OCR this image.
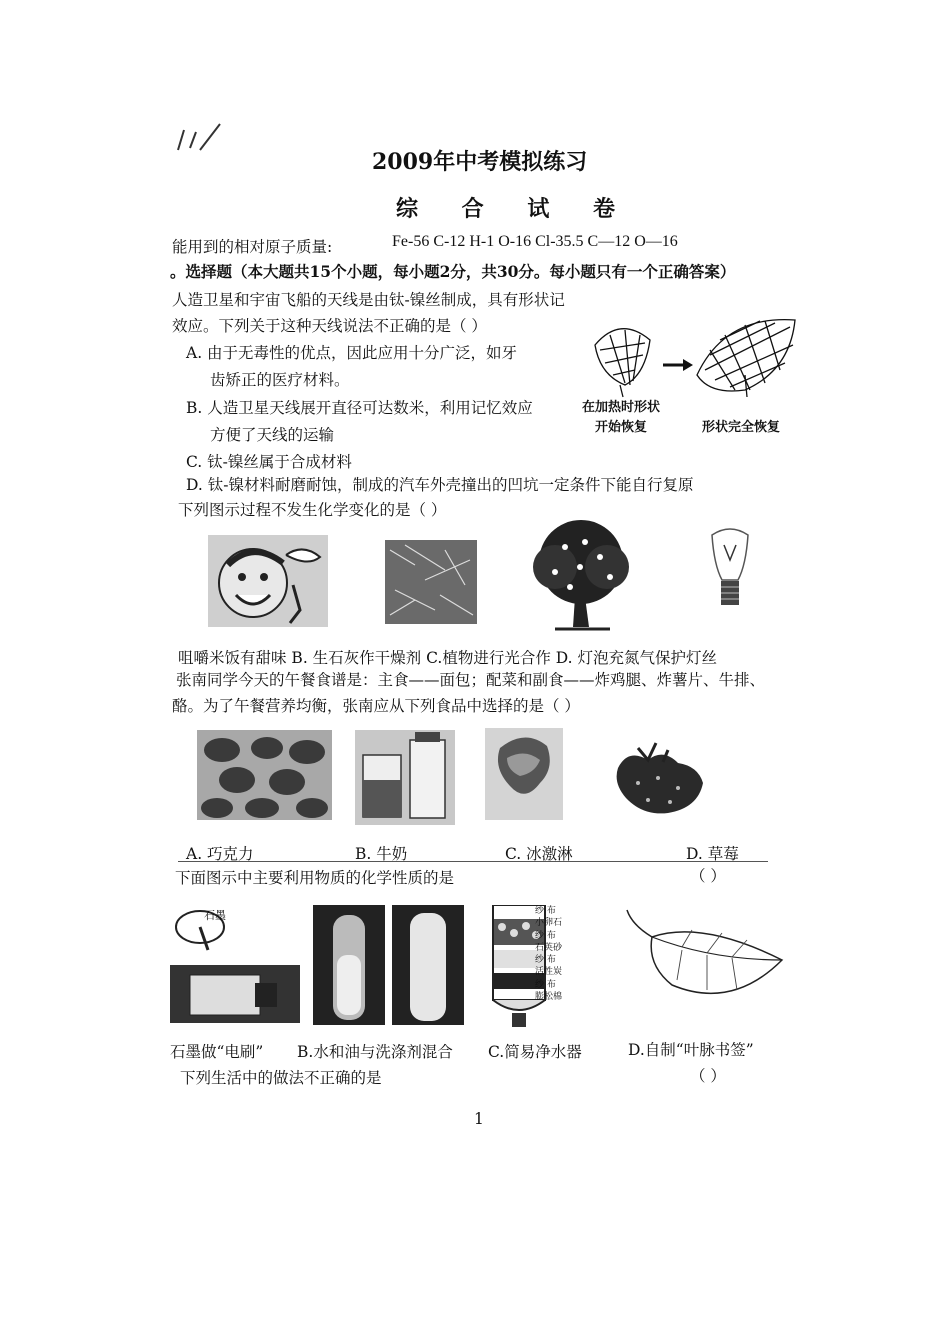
2009年中考模拟练习
综 合 试 卷
能用到的相对原子质量:	Fe-56 C-12 H-1 O-16 Cl-35.5 C—12 O—16
。选择题（本大题共15个小题，每小题2分，共30分。每小题只有一个正确答案）
人造卫星和宇宙飞船的天线是由钛-镍丝制成，具有形状记
效应。下列关于这种天线说法不正确的是（ ）
A. 由于无毒性的优点，因此应用十分广泛，如牙
齿矫正的医疗材料。
B. 人造卫星天线展开直径可达数米，利用记忆效应
方便了天线的运输
C. 钛-镍丝属于合成材料
D. 钛-镍材料耐磨耐蚀，制成的汽车外壳撞出的凹坑一定条件下能自行复原
在加热时形状
开始恢复	形状完全恢复
下列图示过程不发生化学变化的是（ ）
咀嚼米饭有甜味 B. 生石灰作干燥剂 C.植物进行光合作 D. 灯泡充氮气保护灯丝
张南同学今天的午餐食谱是：主食——面包；配菜和副食——炸鸡腿、炸薯片、牛排、
酪。为了午餐营养均衡，张南应从下列食品中选择的是（ ）
A. 巧克力	B. 牛奶	C. 冰激淋	D. 草莓
下面图示中主要利用物质的化学性质的是	（ ）
石墨	纱 布
小卵石
纱 布
石英砂
纱 布
活性炭
纱 布
膨松棉
石墨做“电刷” B.水和油与洗涤剂混合 C.简易净水器	D.自制“叶脉书签”
下列生活中的做法不正确的是	（ ）
1
